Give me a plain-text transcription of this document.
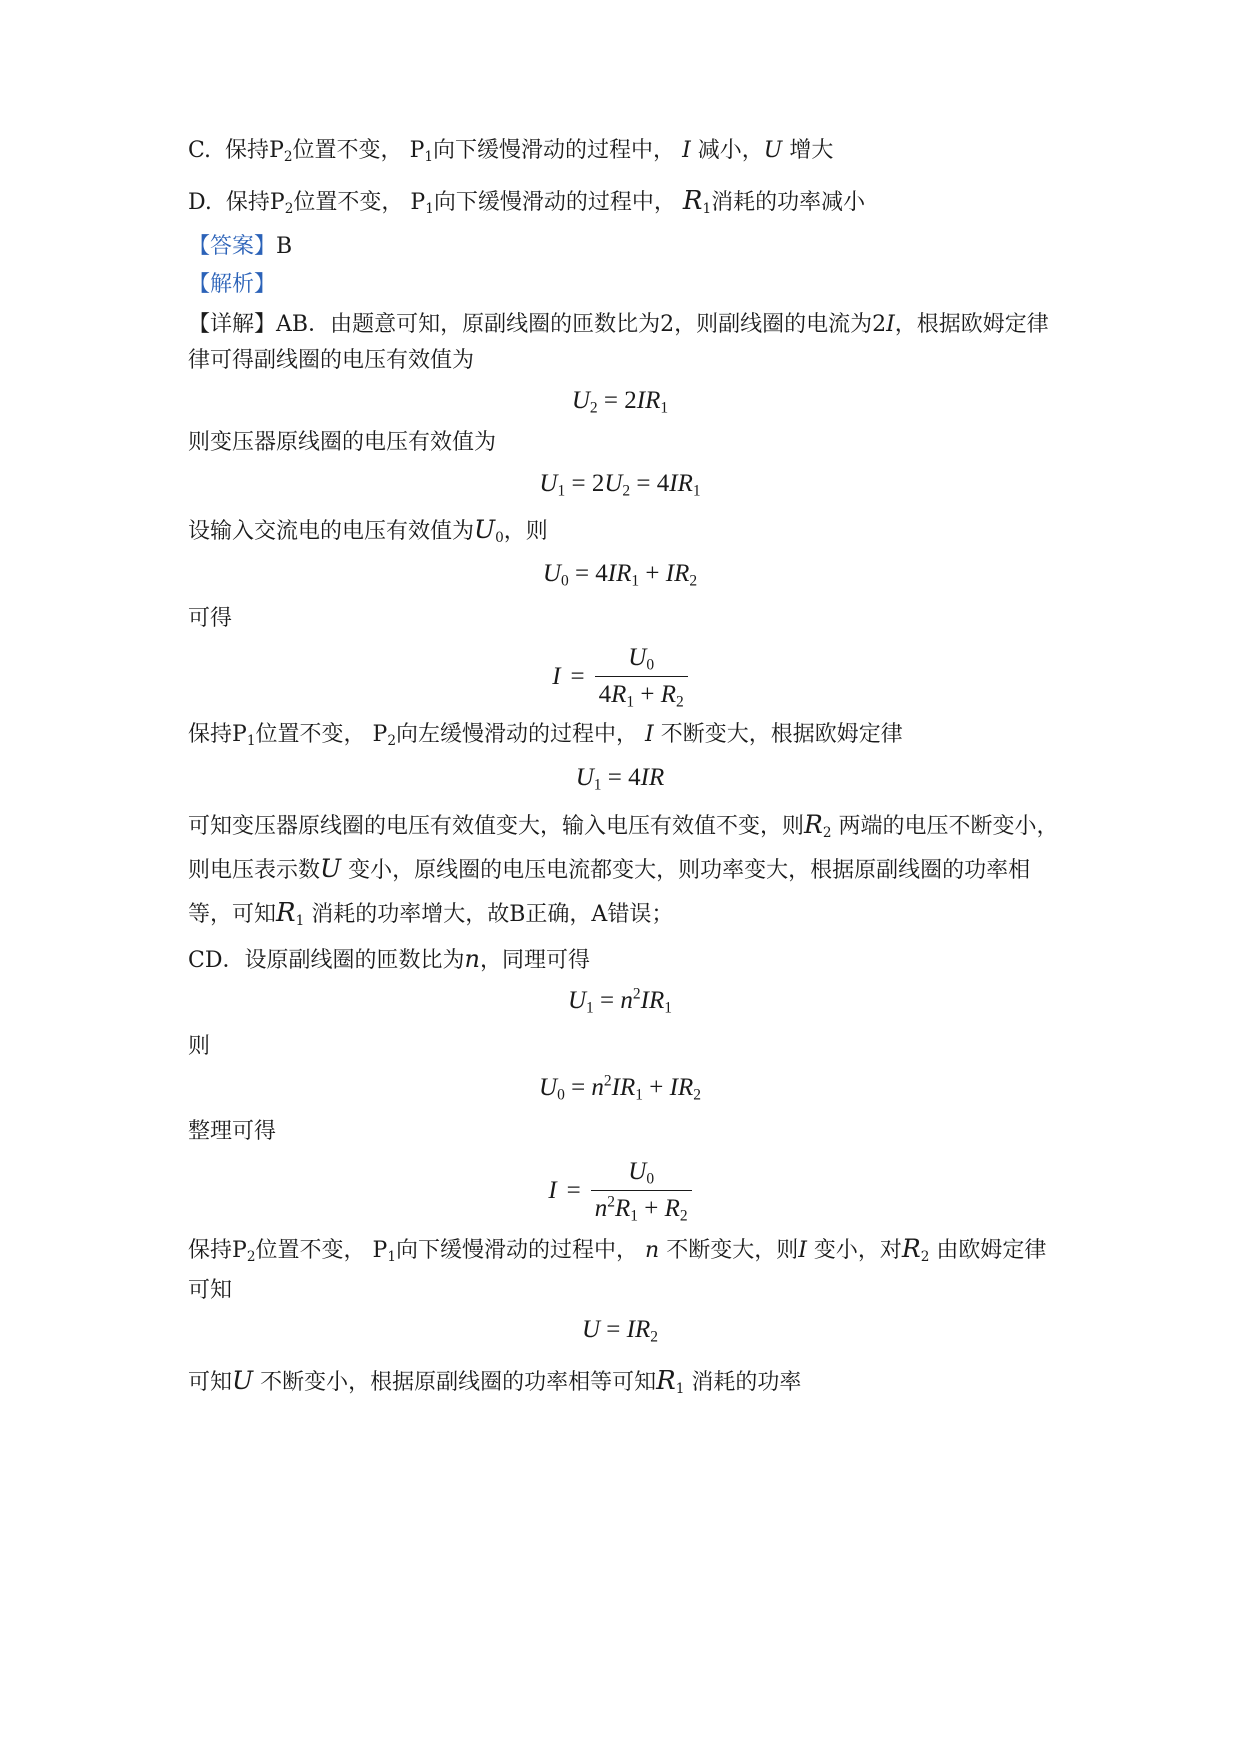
C. 保持$P_2$位置不变， $P_1$向下缓慢滑动的过程中， I 减小，U 增大
D. 保持$P_2$位置不变， $P_1$向下缓慢滑动的过程中， $R_1$消耗的功率减小
【答案】B
【解析】
【详解】AB．由题意可知，原副线圈的匝数比为2，则副线圈的电流为2I，根据欧姆定律
律可得副线圈的电压有效值为
$U_2 = 2IR_1$
则变压器原线圈的电压有效值为
$U_1 = 2U_2 = 4IR_1$
设输入交流电的电压有效值为$U_0$，则
$U_0 = 4IR_1 + IR_2$
可得
$I = \frac{U_0}{4R_1 + R_2}$
保持$P_1$位置不变， $P_2$向左缓慢滑动的过程中， I 不断变大，根据欧姆定律
$U_1 = 4IR$
可知变压器原线圈的电压有效值变大，输入电压有效值不变，则$R_2$ 两端的电压不断变小，
则电压表示数U 变小，原线圈的电压电流都变大，则功率变大，根据原副线圈的功率相
等，可知$R_1$ 消耗的功率增大，故B正确，A错误；
CD．设原副线圈的匝数比为n，同理可得
$U_1 = n^2IR_1$
则
$U_0 = n^2IR_1 + IR_2$
整理可得
$I = \frac{U_0}{n^2R_1 + R_2}$
保持$P_2$位置不变， $P_1$向下缓慢滑动的过程中， n 不断变大，则I 变小，对$R_2$ 由欧姆定律
可知
$U = IR_2$
可知U 不断变小，根据原副线圈的功率相等可知$R_1$ 消耗的功率
